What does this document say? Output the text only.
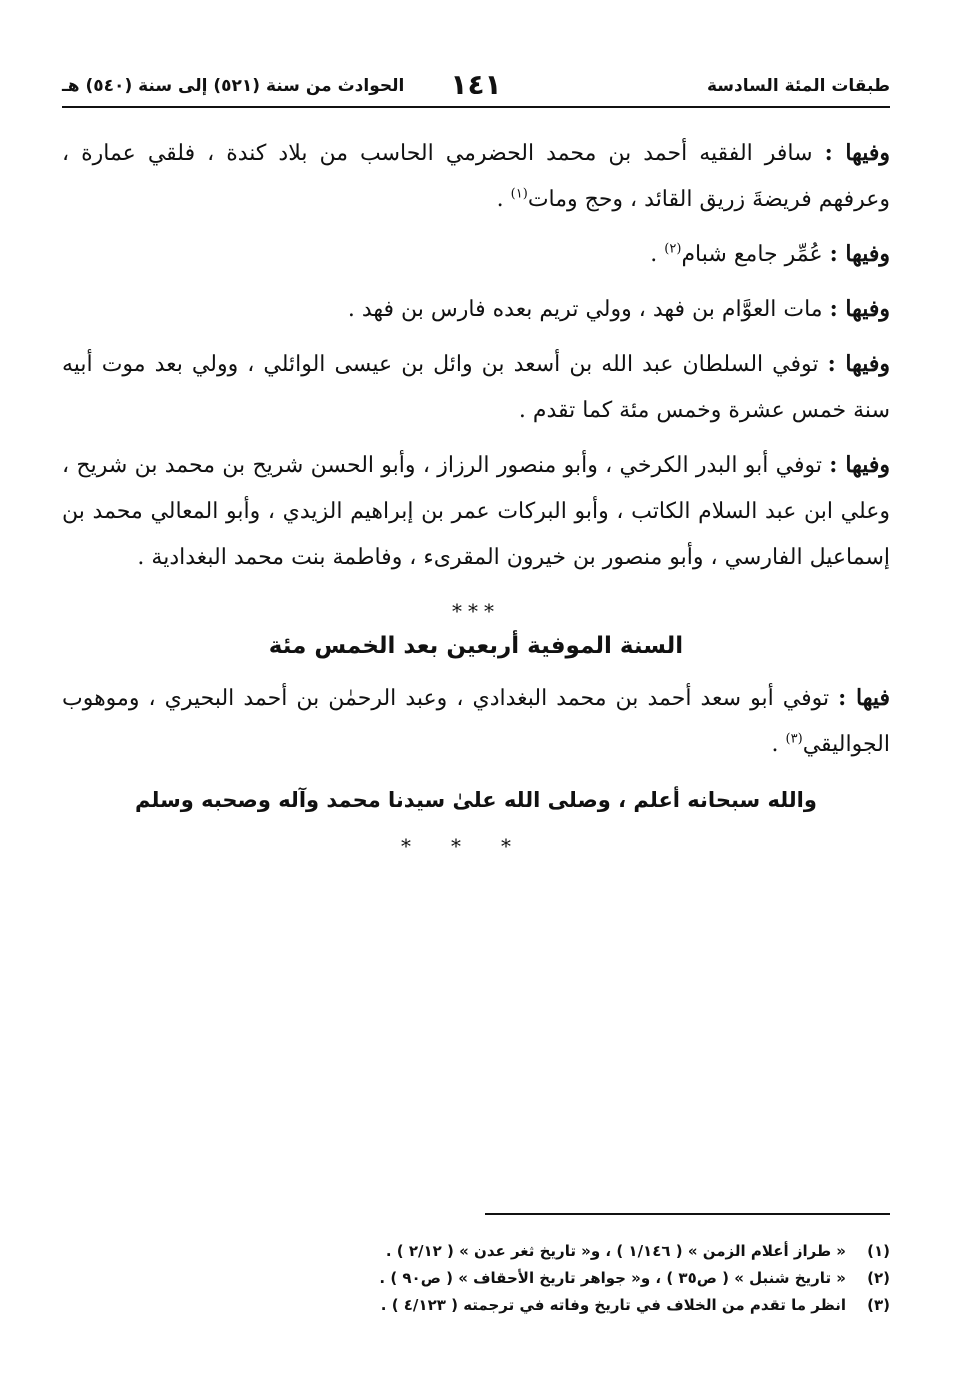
طبقات المئة السادسة
١٤١
الحوادث من سنة (٥٢١) إلى سنة (٥٤٠) هـ

وفيها : سافر الفقيه أحمد بن محمد الحضرمي الحاسب من بلاد كندة ، فلقي عمارة ، وعرفهم فريضةَ زريق القائد ، وحج ومات$^{(١)}$ .

وفيها : عُمِّر جامع شبام$^{(٢)}$ .

وفيها : مات العوَّام بن فهد ، وولي تريم بعده فارس بن فهد .

وفيها : توفي السلطان عبد الله بن أسعد بن وائل بن عيسى الوائلي ، وولي بعد موت أبيه سنة خمس عشرة وخمس مئة كما تقدم .

وفيها : توفي أبو البدر الكرخي ، وأبو منصور الرزاز ، وأبو الحسن شريح بن محمد بن شريح ، وعلي ابن عبد السلام الكاتب ، وأبو البركات عمر بن إبراهيم الزيدي ، وأبو المعالي محمد بن إسماعيل الفارسي ، وأبو منصور بن خيرون المقرىء ، وفاطمة بنت محمد البغدادية .

***
السنة الموفية أربعين بعد الخمس مئة

فيها : توفي أبو سعد أحمد بن محمد البغدادي ، وعبد الرحمٰن بن أحمد البحيري ، وموهوب الجواليقي$^{(٣)}$ .

والله سبحانه أعلم ، وصلى الله علىٰ سيدنا محمد وآله وصحبه وسلم
***
(١)« طراز أعلام الزمن » ( ١/١٤٦ ) ، و« تاريخ ثغر عدن » ( ٢/١٢ ) .
(٢)« تاريخ شنبل » ( ص٣٥ ) ، و« جواهر تاريخ الأحقاف » ( ص٩٠ ) .
(٣)انظر ما تقدم من الخلاف في تاريخ وفاته في ترجمته ( ٤/١٢٣ ) .
